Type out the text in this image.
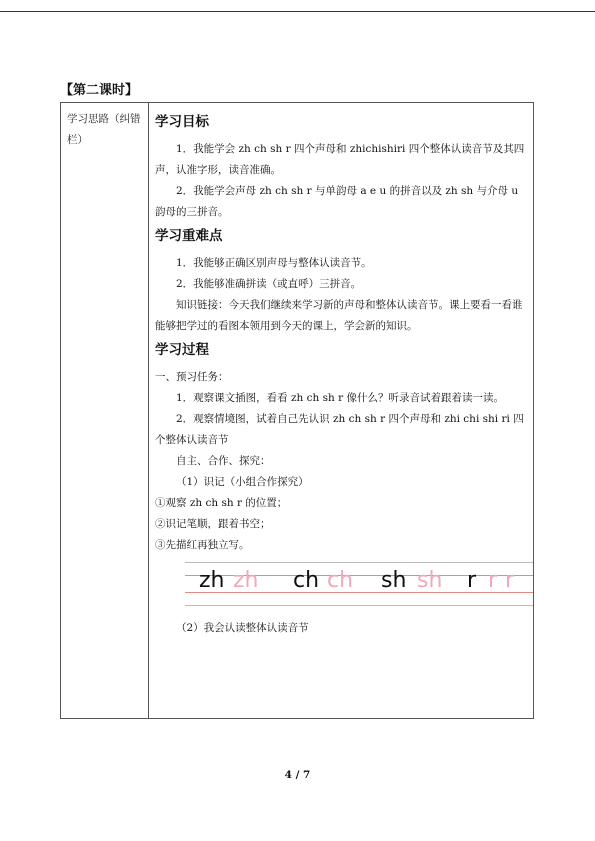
【第二课时】
学习思路（纠错栏）
学习目标

1．我能学会 zh ch sh r 四个声母和 zhichishiri 四个整体认读音节及其四声，认准字形，读音准确。

2．我能学会声母 zh ch sh r 与单韵母 a e u 的拼音以及 zh sh 与介母 u 韵母的三拼音。

学习重难点

1．我能够正确区别声母与整体认读音节。

2．我能够准确拼读（或直呼）三拼音。

知识链接：今天我们继续来学习新的声母和整体认读音节。课上要看一看谁能够把学过的看图本领用到今天的课上，学会新的知识。

学习过程

一、预习任务：

1．观察课文插图，看看 zh ch sh r 像什么？听录音试着跟着读一读。

2．观察情境图，试着自己先认识 zh ch sh r 四个声母和 zhi chi shi ri 四个整体认读音节

自主、合作、探究：

（1）识记（小组合作探究）

①观察 zh ch sh r 的位置；

②识记笔顺，跟着书空；

③先描红再独立写。

zh zh ch ch sh sh r r r

（2）我会认读整体认读音节

4 / 7
